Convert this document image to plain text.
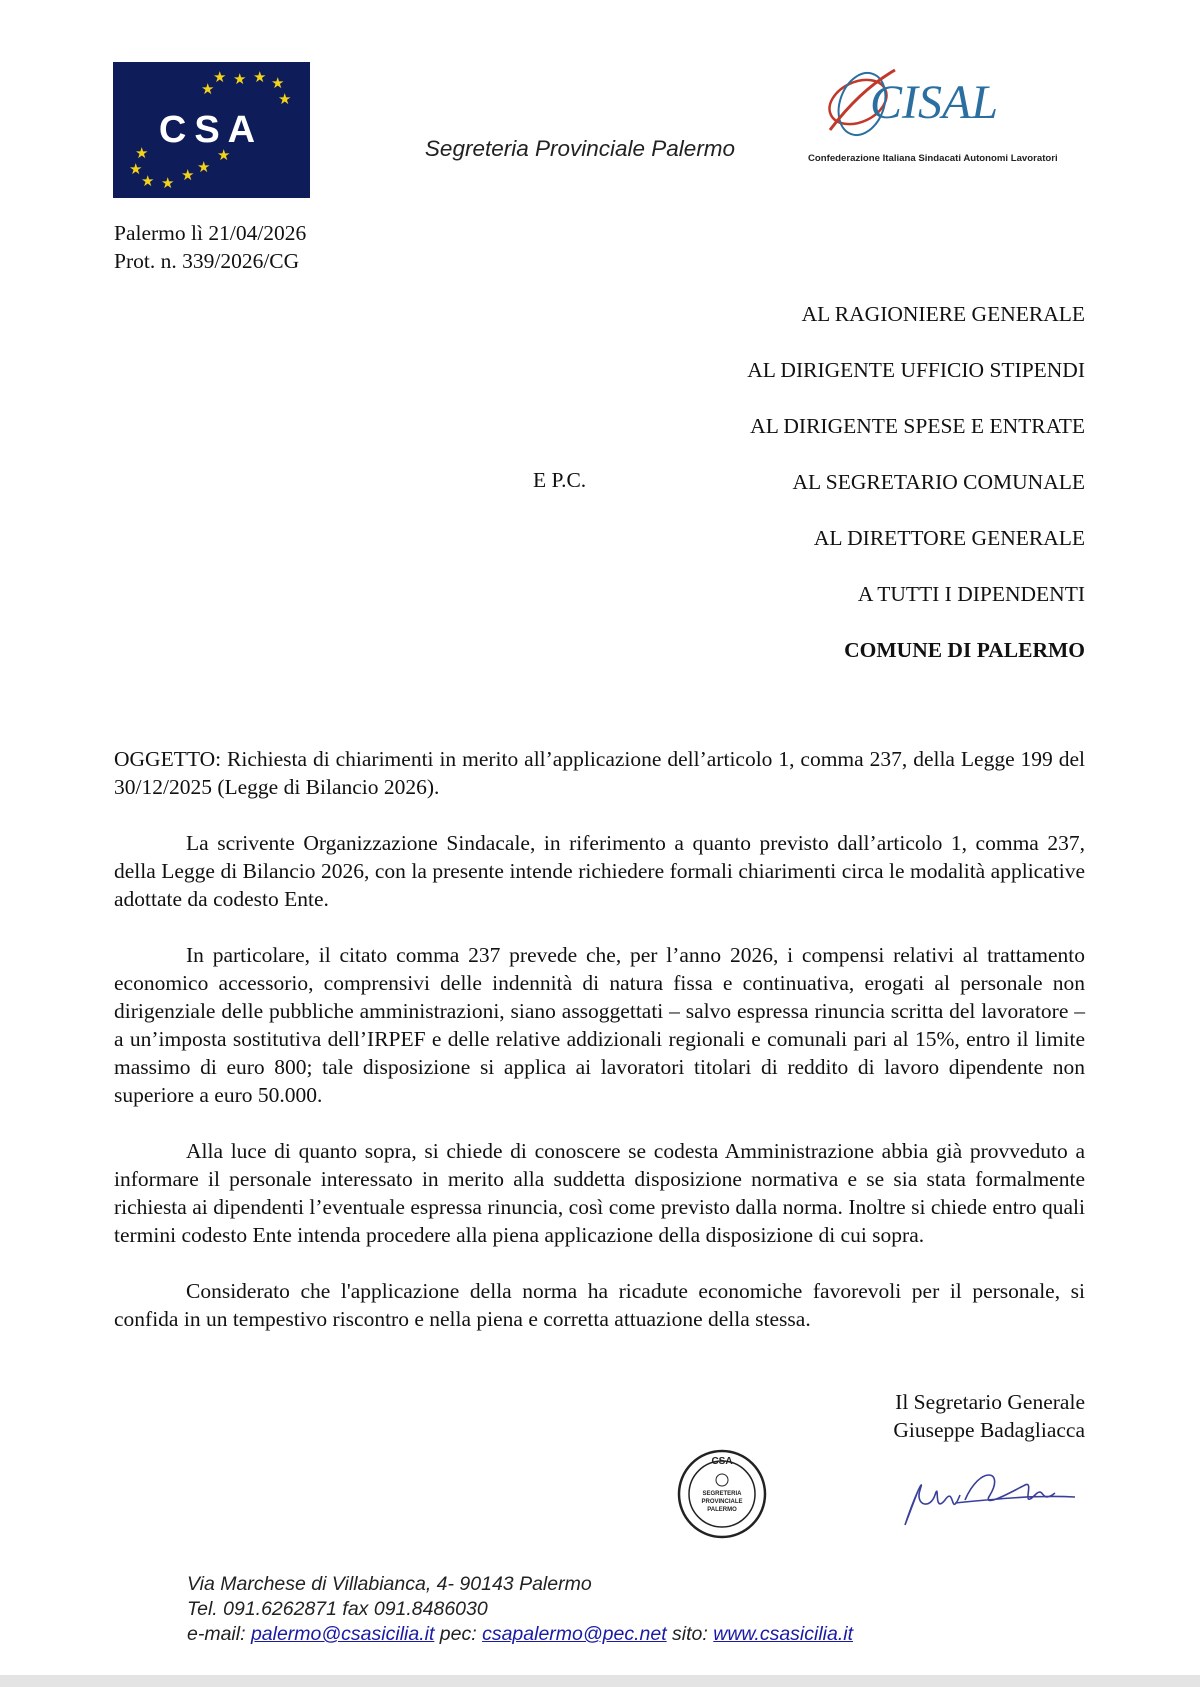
★ ★ ★ ★
★
★
★
★
★ ★ ★ ★
★
CSA	Segreteria Provinciale Palermo
CISAL
Confederazione Italiana Sindacati Autonomi Lavoratori
Palermo lì 21/04/2026
Prot. n. 339/2026/CG
AL RAGIONIERE GENERALE
AL DIRIGENTE UFFICIO STIPENDI
AL DIRIGENTE SPESE E ENTRATE
AL SEGRETARIO COMUNALE
AL DIRETTORE GENERALE
A TUTTI I DIPENDENTI
COMUNE DI PALERMO
E P.C.

OGGETTO: Richiesta di chiarimenti in merito all’applicazione dell’articolo 1, comma 237, della Legge 199 del 30/12/2025 (Legge di Bilancio 2026).

La scrivente Organizzazione Sindacale, in riferimento a quanto previsto dall’articolo 1, comma 237, della Legge di Bilancio 2026, con la presente intende richiedere formali chiarimenti circa le modalità applicative adottate da codesto Ente.

In particolare, il citato comma 237 prevede che, per l’anno 2026, i compensi relativi al trattamento economico accessorio, comprensivi delle indennità di natura fissa e continuativa, erogati al personale non dirigenziale delle pubbliche amministrazioni, siano assoggettati – salvo espressa rinuncia scritta del lavoratore – a un’imposta sostitutiva dell’IRPEF e delle relative addizionali regionali e comunali pari al 15%, entro il limite massimo di euro 800; tale disposizione si applica ai lavoratori titolari di reddito di lavoro dipendente non superiore a euro 50.000.

Alla luce di quanto sopra, si chiede di conoscere se codesta Amministrazione abbia già provveduto a informare il personale interessato in merito alla suddetta disposizione normativa e se sia stata formalmente richiesta ai dipendenti l’eventuale espressa rinuncia, così come previsto dalla norma. Inoltre si chiede entro quali termini codesto Ente intenda procedere alla piena applicazione della disposizione di cui sopra.

Considerato che l'applicazione della norma ha ricadute economiche favorevoli per il personale, si confida in un tempestivo riscontro e nella piena e corretta attuazione della stessa.

Il Segretario Generale
Giuseppe Badagliacca
CSA
SEGRETERIA
PROVINCIALE
PALERMO
Via Marchese di Villabianca, 4- 90143 Palermo
Tel. 091.6262871 fax 091.8486030
e-mail: palermo@csasicilia.it pec: csapalermo@pec.net sito: www.csasicilia.it
